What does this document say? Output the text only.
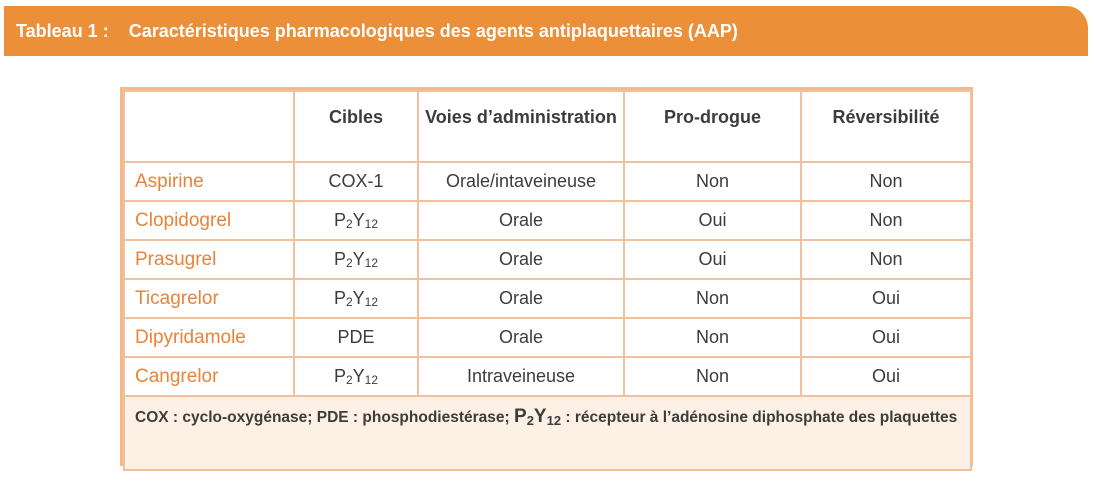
Tableau 1 : Caractéristiques pharmacologiques des agents antiplaquettaires (AAP)
	Cibles	Voies d’administration	Pro-drogue	Réversibilité
Aspirine	COX-1	Orale/intaveineuse	Non	Non
Clopidogrel	$P_2Y_{12}$	Orale	Oui	Non
Prasugrel	$P_2Y_{12}$	Orale	Oui	Non
Ticagrelor	$P_2Y_{12}$	Orale	Non	Oui
Dipyridamole	PDE	Orale	Non	Oui
Cangrelor	$P_2Y_{12}$	Intraveineuse	Non	Oui
COX : cyclo-oxygénase; PDE : phosphodiestérase; $P_2Y_{12}$ : récepteur à l’adénosine diphosphate des plaquettes				
